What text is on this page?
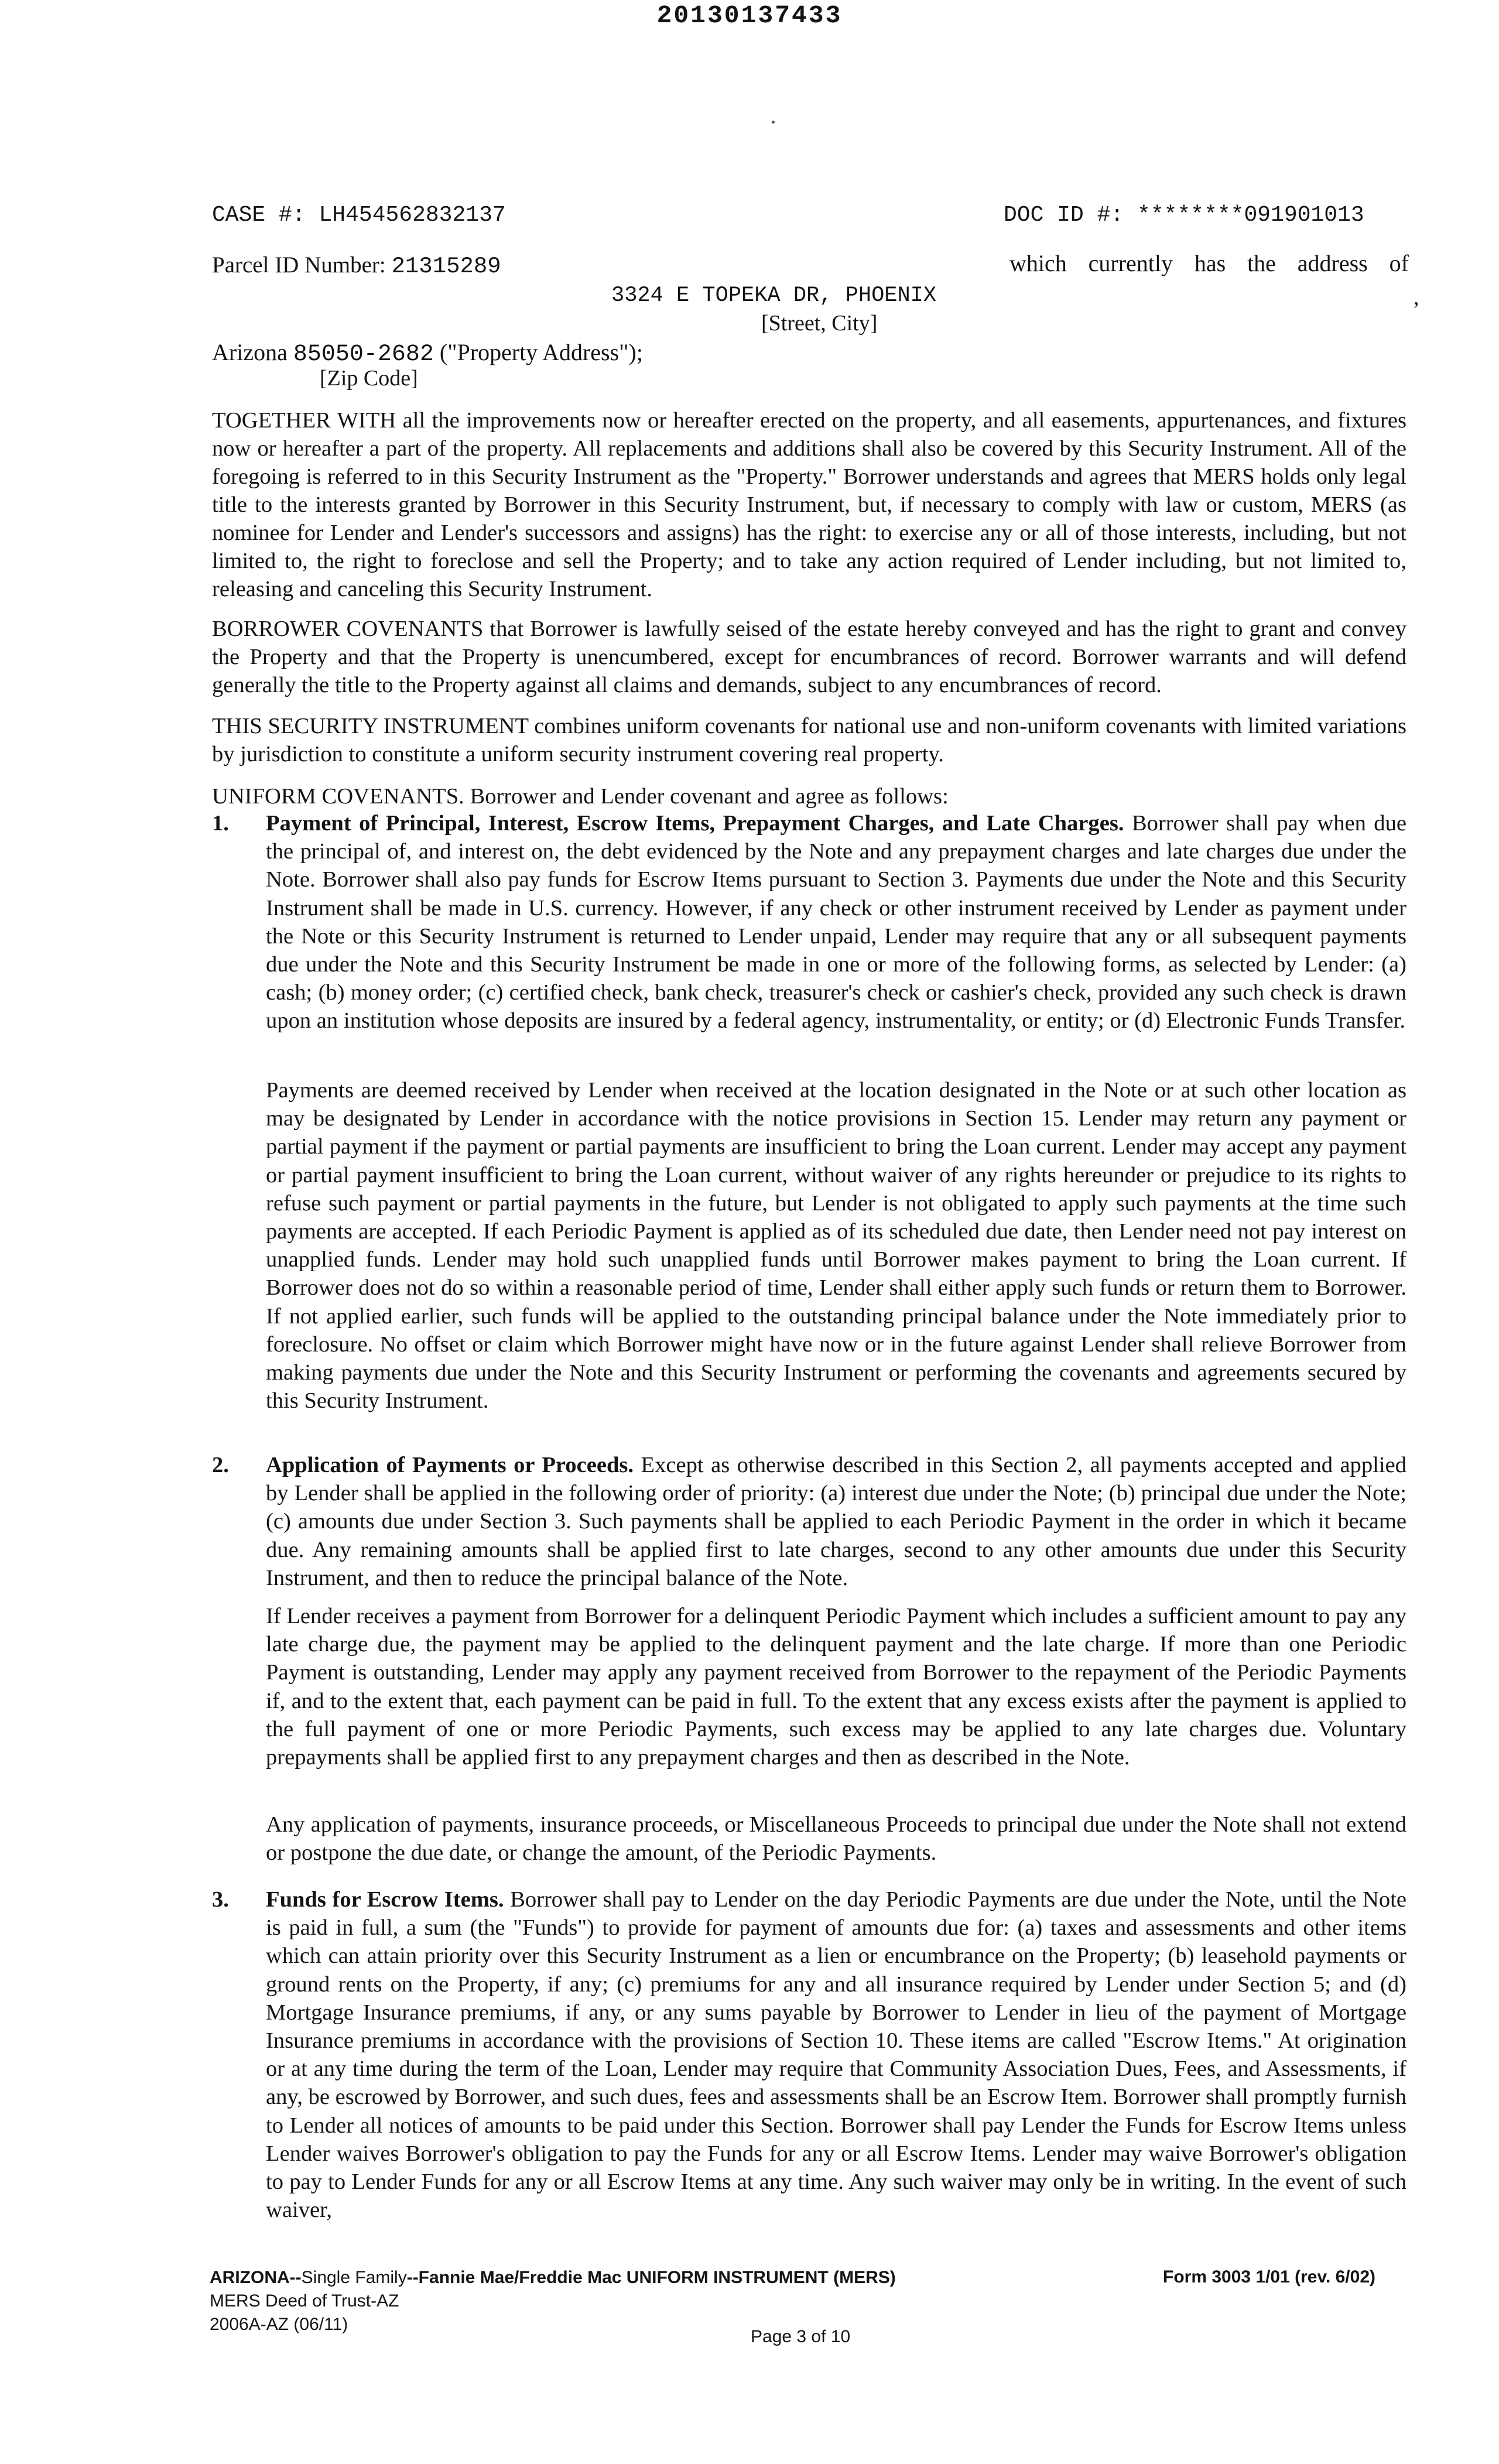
20130137433
CASE #: LH454562832137	DOC ID #: ********091901013
Parcel ID Number: 21315289	which currently has the address of
3324 E TOPEKA DR, PHOENIX	,
[Street, City]
Arizona 85050-2682 ("Property Address");
[Zip Code]

TOGETHER WITH all the improvements now or hereafter erected on the property, and all easements, appurtenances, and fixtures now or hereafter a part of the property. All replacements and additions shall also be covered by this Security Instrument. All of the foregoing is referred to in this Security Instrument as the "Property." Borrower understands and agrees that MERS holds only legal title to the interests granted by Borrower in this Security Instrument, but, if necessary to comply with law or custom, MERS (as nominee for Lender and Lender's successors and assigns) has the right: to exercise any or all of those interests, including, but not limited to, the right to foreclose and sell the Property; and to take any action required of Lender including, but not limited to, releasing and canceling this Security Instrument.

BORROWER COVENANTS that Borrower is lawfully seised of the estate hereby conveyed and has the right to grant and convey the Property and that the Property is unencumbered, except for encumbrances of record. Borrower warrants and will defend generally the title to the Property against all claims and demands, subject to any encumbrances of record.

THIS SECURITY INSTRUMENT combines uniform covenants for national use and non-uniform covenants with limited variations by jurisdiction to constitute a uniform security instrument covering real property.

UNIFORM COVENANTS. Borrower and Lender covenant and agree as follows:

1. Payment of Principal, Interest, Escrow Items, Prepayment Charges, and Late Charges. Borrower shall pay when due the principal of, and interest on, the debt evidenced by the Note and any prepayment charges and late charges due under the Note. Borrower shall also pay funds for Escrow Items pursuant to Section 3. Payments due under the Note and this Security Instrument shall be made in U.S. currency. However, if any check or other instrument received by Lender as payment under the Note or this Security Instrument is returned to Lender unpaid, Lender may require that any or all subsequent payments due under the Note and this Security Instrument be made in one or more of the following forms, as selected by Lender: (a) cash; (b) money order; (c) certified check, bank check, treasurer's check or cashier's check, provided any such check is drawn upon an institution whose deposits are insured by a federal agency, instrumentality, or entity; or (d) Electronic Funds Transfer.
Payments are deemed received by Lender when received at the location designated in the Note or at such other location as may be designated by Lender in accordance with the notice provisions in Section 15. Lender may return any payment or partial payment if the payment or partial payments are insufficient to bring the Loan current. Lender may accept any payment or partial payment insufficient to bring the Loan current, without waiver of any rights hereunder or prejudice to its rights to refuse such payment or partial payments in the future, but Lender is not obligated to apply such payments at the time such payments are accepted. If each Periodic Payment is applied as of its scheduled due date, then Lender need not pay interest on unapplied funds. Lender may hold such unapplied funds until Borrower makes payment to bring the Loan current. If Borrower does not do so within a reasonable period of time, Lender shall either apply such funds or return them to Borrower. If not applied earlier, such funds will be applied to the outstanding principal balance under the Note immediately prior to foreclosure. No offset or claim which Borrower might have now or in the future against Lender shall relieve Borrower from making payments due under the Note and this Security Instrument or performing the covenants and agreements secured by this Security Instrument.
2. Application of Payments or Proceeds. Except as otherwise described in this Section 2, all payments accepted and applied by Lender shall be applied in the following order of priority: (a) interest due under the Note; (b) principal due under the Note; (c) amounts due under Section 3. Such payments shall be applied to each Periodic Payment in the order in which it became due. Any remaining amounts shall be applied first to late charges, second to any other amounts due under this Security Instrument, and then to reduce the principal balance of the Note.
If Lender receives a payment from Borrower for a delinquent Periodic Payment which includes a sufficient amount to pay any late charge due, the payment may be applied to the delinquent payment and the late charge. If more than one Periodic Payment is outstanding, Lender may apply any payment received from Borrower to the repayment of the Periodic Payments if, and to the extent that, each payment can be paid in full. To the extent that any excess exists after the payment is applied to the full payment of one or more Periodic Payments, such excess may be applied to any late charges due. Voluntary prepayments shall be applied first to any prepayment charges and then as described in the Note.
Any application of payments, insurance proceeds, or Miscellaneous Proceeds to principal due under the Note shall not extend or postpone the due date, or change the amount, of the Periodic Payments.
3. Funds for Escrow Items. Borrower shall pay to Lender on the day Periodic Payments are due under the Note, until the Note is paid in full, a sum (the "Funds") to provide for payment of amounts due for: (a) taxes and assessments and other items which can attain priority over this Security Instrument as a lien or encumbrance on the Property; (b) leasehold payments or ground rents on the Property, if any; (c) premiums for any and all insurance required by Lender under Section 5; and (d) Mortgage Insurance premiums, if any, or any sums payable by Borrower to Lender in lieu of the payment of Mortgage Insurance premiums in accordance with the provisions of Section 10. These items are called "Escrow Items." At origination or at any time during the term of the Loan, Lender may require that Community Association Dues, Fees, and Assessments, if any, be escrowed by Borrower, and such dues, fees and assessments shall be an Escrow Item. Borrower shall promptly furnish to Lender all notices of amounts to be paid under this Section. Borrower shall pay Lender the Funds for Escrow Items unless Lender waives Borrower's obligation to pay the Funds for any or all Escrow Items. Lender may waive Borrower's obligation to pay to Lender Funds for any or all Escrow Items at any time. Any such waiver may only be in writing. In the event of such waiver,
ARIZONA--Single Family--Fannie Mae/Freddie Mac UNIFORM INSTRUMENT (MERS)
MERS Deed of Trust-AZ
2006A-AZ (06/11)
Form 3003 1/01 (rev. 6/02)
Page 3 of 10
